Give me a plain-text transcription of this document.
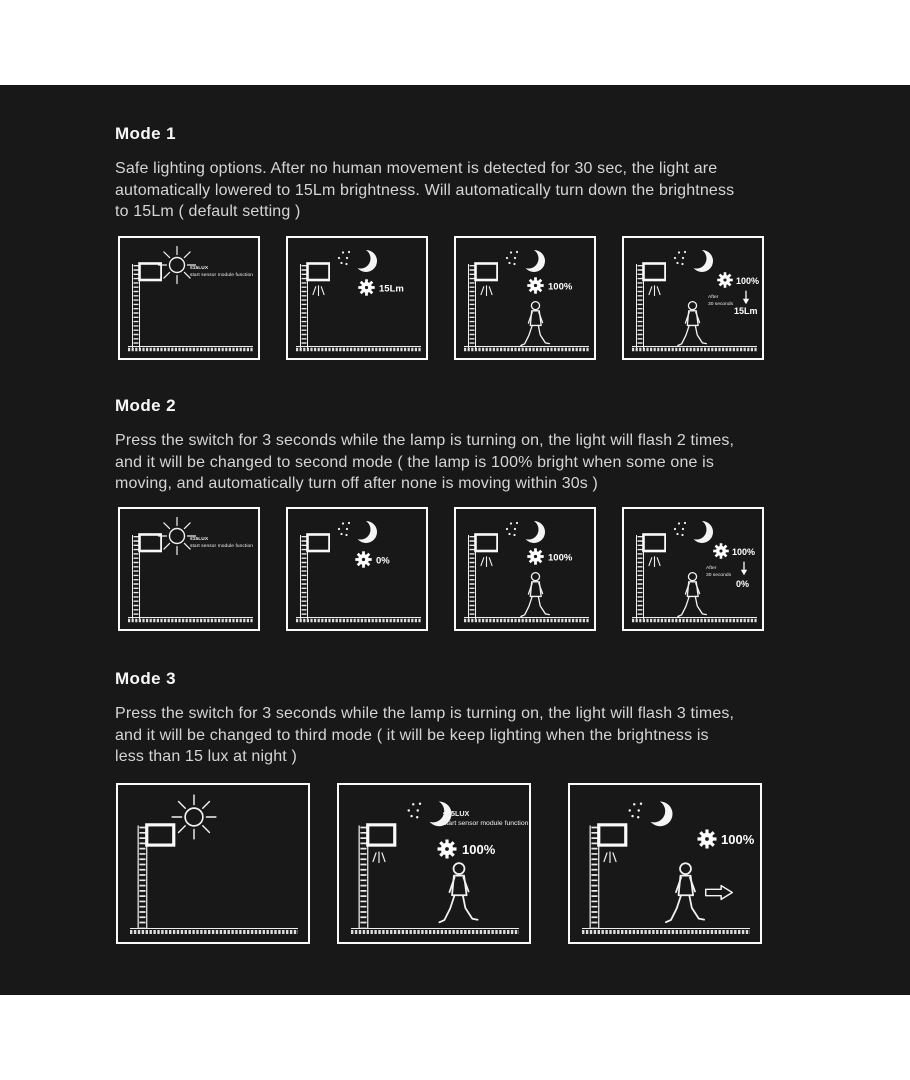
Mode 1
Safe lighting options. After no human movement is detected for 30 sec, the light are
automatically lowered to 15Lm brightness. Will automatically turn down the brightness
to 15Lm ( default setting )
≤15LUX
start sensor module function
15Lm	100%
100%
After
30 seconds
15Lm
Mode 2
Press the switch for 3 seconds while the lamp is turning on, the light will flash 2 times,
and it will be changed to second mode ( the lamp is 100% bright when some one is
moving, and automatically turn off after none is moving within 30s )
≤15LUX
start sensor module function
0%	100%
100%
After
30 seconds
0%
Mode 3
Press the switch for 3 seconds while the lamp is turning on, the light will flash 3 times,
and it will be changed to third mode ( it will be keep lighting when the brightness is
less than 15 lux at night )
≤15LUX
start sensor module function
100%
100%
